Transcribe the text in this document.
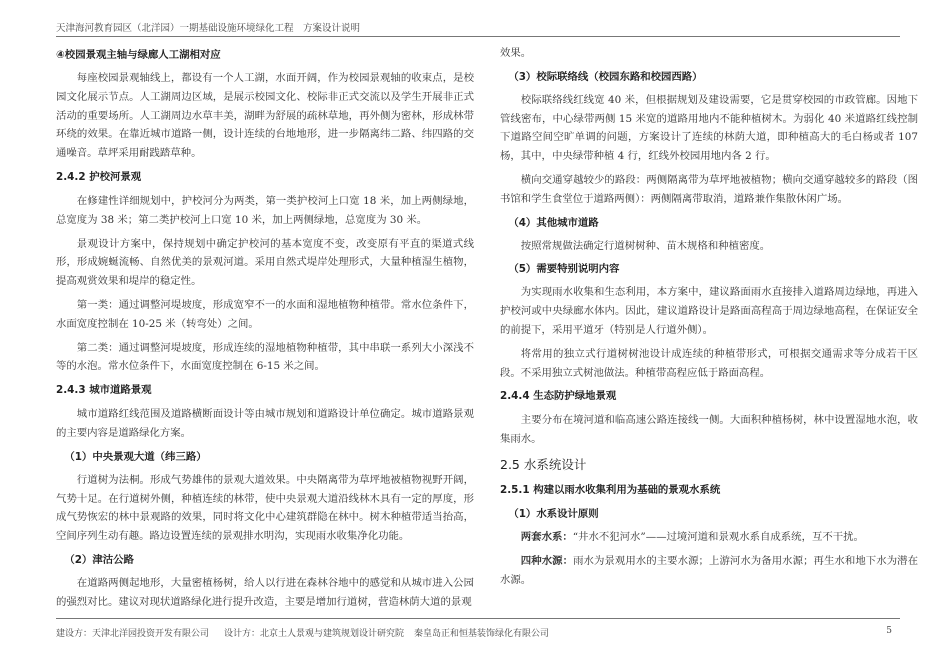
天津海河教育园区（北洋园）一期基础设施环境绿化工程　方案设计说明
④校园景观主轴与绿廊人工湖相对应

每座校园景观轴线上，都设有一个人工湖，水面开阔，作为校园景观轴的收束点，是校园文化展示节点。人工湖周边区域，是展示校园文化、校际非正式交流以及学生开展非正式活动的重要场所。人工湖周边水草丰美，湖畔为舒展的疏林草地，再外侧为密林，形成林带环绕的效果。在靠近城市道路一侧，设计连续的台地地形，进一步隔离纬二路、纬四路的交通噪音。草坪采用耐践踏草种。

2.4.2 护校河景观

在修建性详细规划中，护校河分为两类，第一类护校河上口宽 18 米，加上两侧绿地，总宽度为 38 米；第二类护校河上口宽 10 米，加上两侧绿地，总宽度为 30 米。

景观设计方案中，保持规划中确定护校河的基本宽度不变，改变原有平直的渠道式线形，形成婉蜒流畅、自然优美的景观河道。采用自然式堤岸处理形式，大量种植湿生植物，提高观赏效果和堤岸的稳定性。

第一类：通过调整河堤坡度，形成宽窄不一的水面和湿地植物种植带。常水位条件下，水面宽度控制在 10-25 米（转弯处）之间。

第二类：通过调整河堤坡度，形成连续的湿地植物种植带，其中串联一系列大小深浅不等的水泡。常水位条件下，水面宽度控制在 6-15 米之间。

2.4.3 城市道路景观

城市道路红线范围及道路横断面设计等由城市规划和道路设计单位确定。城市道路景观的主要内容是道路绿化方案。

（1）中央景观大道（纬三路）

行道树为法桐。形成气势雄伟的景观大道效果。中央隔离带为草坪地被植物视野开阔，气势十足。在行道树外侧，种植连续的林带，使中央景观大道沿线林木具有一定的厚度，形成气势恢宏的林中景观路的效果，同时将文化中心建筑群隐在林中。树木种植带适当抬高，空间序列生动有趣。路边设置连续的景观排水明沟，实现雨水收集净化功能。

（2）津沽公路

在道路两侧起地形，大量密植杨树，给人以行进在森林谷地中的感觉和从城市进入公园的强烈对比。建议对现状道路绿化进行提升改造，主要是增加行道树，营造林荫大道的景观

效果。

（3）校际联络线（校园东路和校园西路）

校际联络线红线宽 40 米，但根据规划及建设需要，它是贯穿校园的市政管廊。因地下管线密布，中心绿带两侧 15 米宽的道路用地内不能种植树木。为弱化 40 米道路红线控制下道路空间空旷单调的问题，方案设计了连续的林荫大道，即种植高大的毛白杨或者 107 杨，其中，中央绿带种植 4 行，红线外校园用地内各 2 行。

横向交通穿越较少的路段：两侧隔离带为草坪地被植物；横向交通穿越较多的路段（图书馆和学生食堂位于道路两侧）：两侧隔离带取消，道路兼作集散休闲广场。

（4）其他城市道路

按照常规做法确定行道树树种、苗木规格和种植密度。

（5）需要特别说明内容

为实现雨水收集和生态利用，本方案中，建议路面雨水直接排入道路周边绿地，再进入护校河或中央绿廊水体内。因此，建议道路设计是路面高程高于周边绿地高程，在保证安全的前提下，采用平道牙（特别是人行道外侧）。

将常用的独立式行道树树池设计成连续的种植带形式，可根据交通需求等分成若干区段。不采用独立式树池做法。种植带高程应低于路面高程。

2.4.4 生态防护绿地景观

主要分布在境河道和临高速公路连接线一侧。大面积种植杨树，林中设置湿地水泡，收集雨水。

2.5 水系统设计
2.5.1 构建以雨水收集利用为基础的景观水系统
（1）水系设计原则

两套水系：“井水不犯河水”——过境河道和景观水系自成系统，互不干扰。

四种水源：雨水为景观用水的主要水源；上游河水为备用水源；再生水和地下水为潜在水源。

建设方：天津北洋园投资开发有限公司 设计方：北京土人景观与建筑规划设计研究院 秦皇岛正和恒基装饰绿化有限公司	5
